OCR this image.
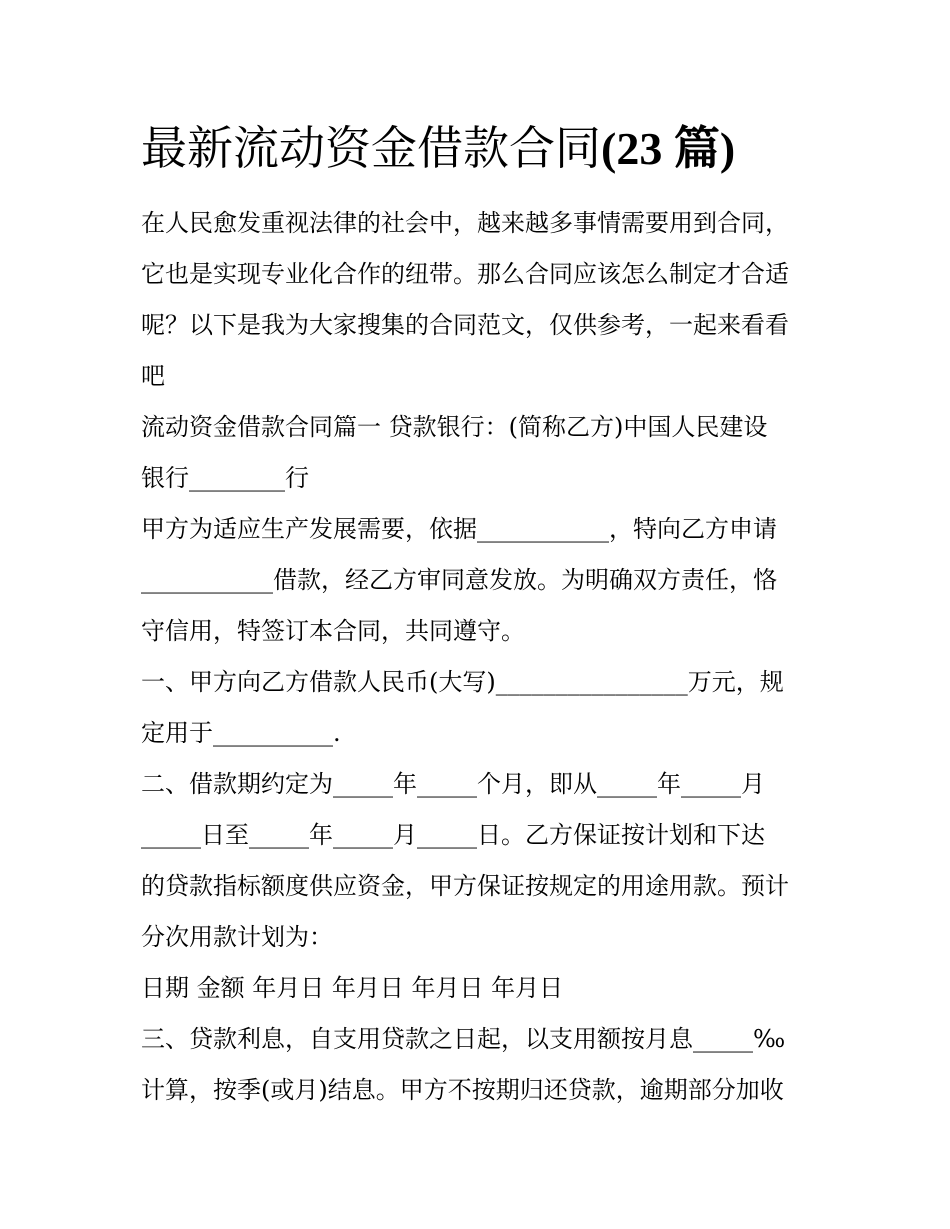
最新流动资金借款合同(23 篇)
在人民愈发重视法律的社会中，越来越多事情需要用到合同，
它也是实现专业化合作的纽带。那么合同应该怎么制定才合适
呢？以下是我为大家搜集的合同范文，仅供参考，一起来看看
吧
流动资金借款合同篇一 贷款银行：(简称乙方)中国人民建设
银行________行
甲方为适应生产发展需要，依据___________，特向乙方申请
___________借款，经乙方审同意发放。为明确双方责任，恪
守信用，特签订本合同，共同遵守。
一、甲方向乙方借款人民币(大写)________________万元，规
定用于__________.
二、借款期约定为_____年_____个月，即从_____年_____月
_____日至_____年_____月_____日。乙方保证按计划和下达
的贷款指标额度供应资金，甲方保证按规定的用途用款。预计
分次用款计划为：
日期 金额 年月日 年月日 年月日 年月日
三、贷款利息，自支用贷款之日起，以支用额按月息_____‰
计算，按季(或月)结息。甲方不按期归还贷款，逾期部分加收
